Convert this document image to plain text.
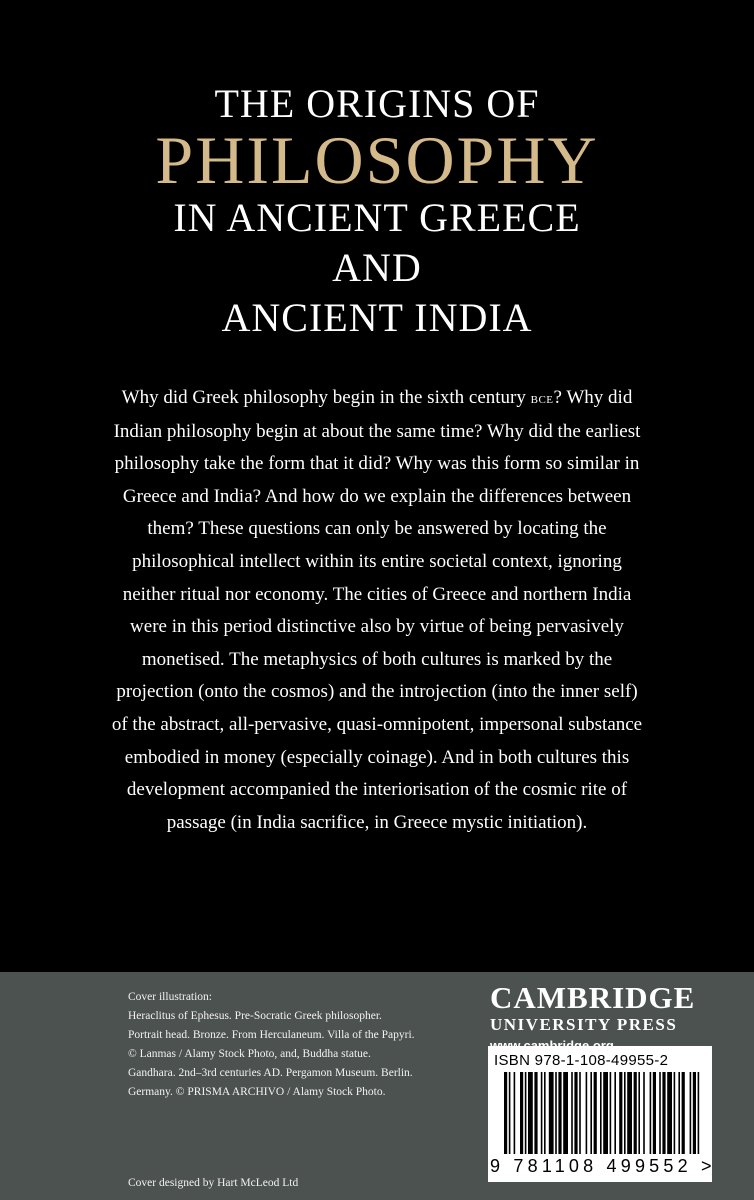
THE ORIGINS OF
PHILOSOPHY
IN ANCIENT GREECE
AND
ANCIENT INDIA
Why did Greek philosophy begin in the sixth century bce? Why did Indian philosophy begin at about the same time? Why did the earliest philosophy take the form that it did? Why was this form so similar in Greece and India? And how do we explain the differences between them? These questions can only be answered by locating the philosophical intellect within its entire societal context, ignoring neither ritual nor economy. The cities of Greece and northern India were in this period distinctive also by virtue of being pervasively monetised. The metaphysics of both cultures is marked by the projection (onto the cosmos) and the introjection (into the inner self) of the abstract, all-pervasive, quasi-omnipotent, impersonal substance embodied in money (especially coinage). And in both cultures this development accompanied the interiorisation of the cosmic rite of passage (in India sacrifice, in Greece mystic initiation).
Cover illustration:
Heraclitus of Ephesus. Pre-Socratic Greek philosopher. Portrait head. Bronze. From Herculaneum. Villa of the Papyri. © Lanmas / Alamy Stock Photo, and, Buddha statue. Gandhara. 2nd–3rd centuries AD. Pergamon Museum. Berlin. Germany. © PRISMA ARCHIVO / Alamy Stock Photo.
Cover designed by Hart McLeod Ltd
CAMBRIDGE
UNIVERSITY PRESS
ISBN 978-1-108-49955-2
9 781108 499552 >
